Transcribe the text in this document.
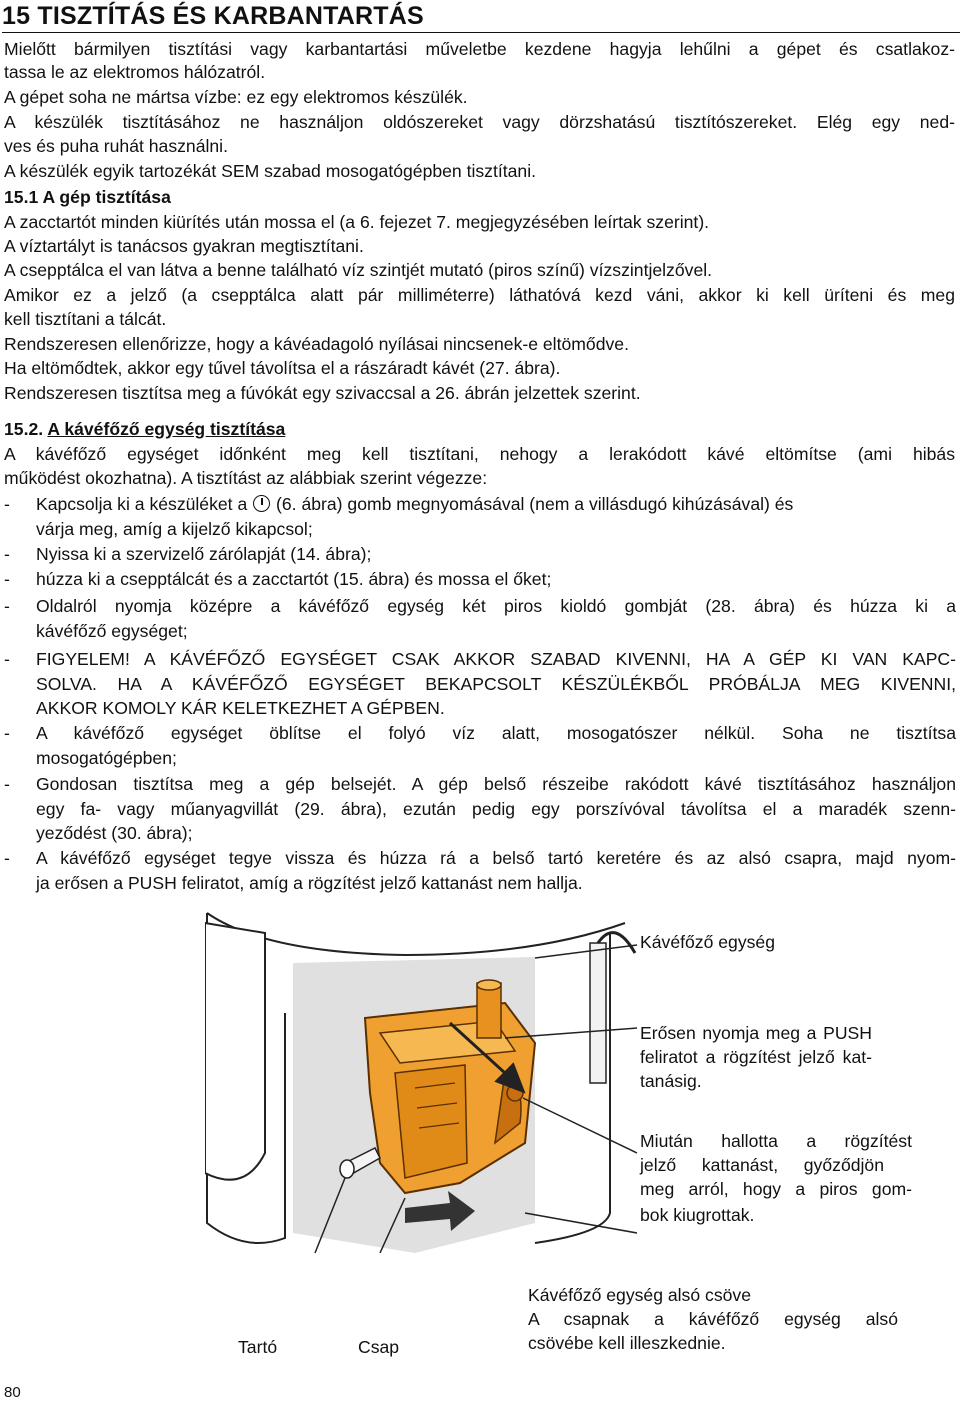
15 TISZTÍTÁS ÉS KARBANTARTÁS
Mielőtt bármilyen tisztítási vagy karbantartási műveletbe kezdene hagyja lehűlni a gépet és csatlakoz-
tassa le az elektromos hálózatról.
A gépet soha ne mártsa vízbe: ez egy elektromos készülék.
A készülék tisztításához ne használjon oldószereket vagy dörzshatású tisztítószereket. Elég egy ned-
ves és puha ruhát használni.
A készülék egyik tartozékát SEM szabad mosogatógépben tisztítani.
15.1 A gép tisztítása
A zacctartót minden kiürítés után mossa el (a 6. fejezet 7. megjegyzésében leírtak szerint).
A víztartályt is tanácsos gyakran megtisztítani.
A csepptálca el van látva a benne található víz szintjét mutató (piros színű) vízszintjelzővel.
Amikor ez a jelző (a csepptálca alatt pár milliméterre) láthatóvá kezd váni, akkor ki kell üríteni és meg
kell tisztítani a tálcát.
Rendszeresen ellenőrizze, hogy a kávéadagoló nyílásai nincsenek-e eltömődve.
Ha eltömődtek, akkor egy tűvel távolítsa el a rászáradt kávét (27. ábra).
Rendszeresen tisztítsa meg a fúvókát egy szivaccsal a 26. ábrán jelzettek szerint.
15.2. A kávéfőző egység tisztítása
A kávéfőző egységet időnként meg kell tisztítani, nehogy a lerakódott kávé eltömítse (ami hibás
működést okozhatna). A tisztítást az alábbiak szerint végezze:
- Kapcsolja ki a készüléket a (6. ábra) gomb megnyomásával (nem a villásdugó kihúzásával) és
várja meg, amíg a kijelző kikapcsol;
- Nyissa ki a szervizelő zárólapját (14. ábra);
- húzza ki a csepptálcát és a zacctartót (15. ábra) és mossa el őket;
- Oldalról nyomja középre a kávéfőző egység két piros kioldó gombját (28. ábra) és húzza ki a
kávéfőző egységet;
- FIGYELEM! A KÁVÉFŐZŐ EGYSÉGET CSAK AKKOR SZABAD KIVENNI, HA A GÉP KI VAN KAPC-
SOLVA. HA A KÁVÉFŐZŐ EGYSÉGET BEKAPCSOLT KÉSZÜLÉKBŐL PRÓBÁLJA MEG KIVENNI,
AKKOR KOMOLY KÁR KELETKEZHET A GÉPBEN.
- A kávéfőző egységet öblítse el folyó víz alatt, mosogatószer nélkül. Soha ne tisztítsa
mosogatógépben;
- Gondosan tisztítsa meg a gép belsejét. A gép belső részeibe rakódott kávé tisztításához használjon
egy fa- vagy műanyagvillát (29. ábra), ezután pedig egy porszívóval távolítsa el a maradék szenn-
yeződést (30. ábra);
- A kávéfőző egységet tegye vissza és húzza rá a belső tartó keretére és az alsó csapra, majd nyom-
ja erősen a PUSH feliratot, amíg a rögzítést jelző kattanást nem hallja.
Kávéfőző egység
Erősen nyomja meg a PUSH
feliratot a rögzítést jelző kat-
tanásig.
Miután hallotta a rögzítést
jelző kattanást, győződjön
meg arról, hogy a piros gom-
bok kiugrottak.
Kávéfőző egység alsó csöve
A csapnak a kávéfőző egység alsó
csövébe kell illeszkednie.
Tartó	Csap
80
